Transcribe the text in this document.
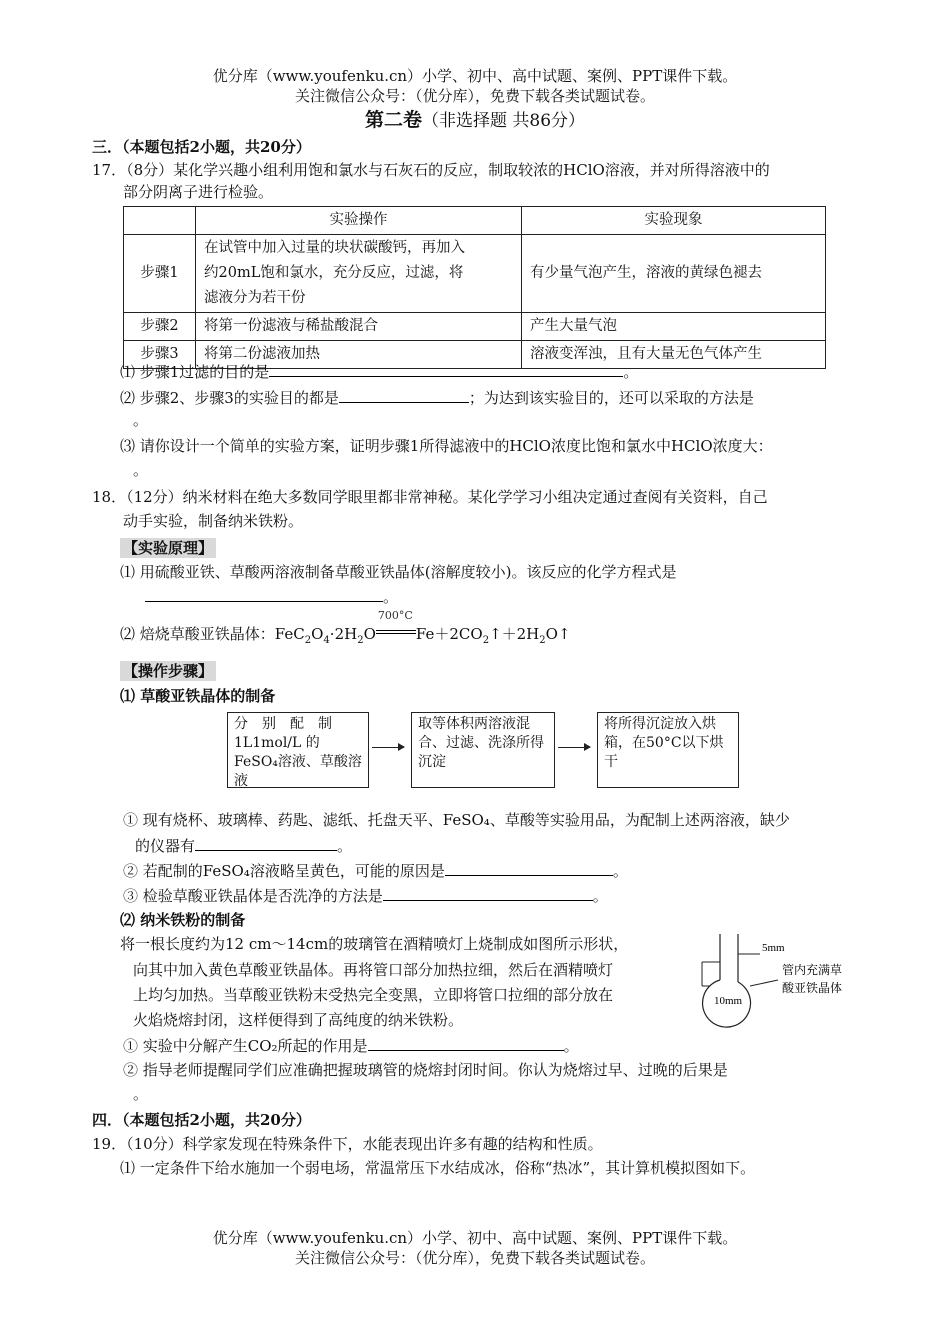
优分库（www.youfenku.cn）小学、初中、高中试题、案例、PPT课件下载。
关注微信公众号：（优分库），免费下载各类试题试卷。
第二卷（非选择题 共86分）
三．（本题包括2小题，共20分）
17．（8分）某化学兴趣小组利用饱和氯水与石灰石的反应，制取较浓的HClO溶液，并对所得溶液中的
部分阴离子进行检验。
	实验操作	实验现象
步骤1	在试管中加入过量的块状碳酸钙，再加入
约20mL饱和氯水，充分反应，过滤，将
滤液分为若干份	有少量气泡产生，溶液的黄绿色褪去
步骤2	将第一份滤液与稀盐酸混合	产生大量气泡
步骤3	将第二份滤液加热	溶液变浑浊，且有大量无色气体产生
⑴ 步骤1过滤的目的是	。
⑵ 步骤2、步骤3的实验目的都是	；为达到该实验目的，还可以采取的方法是
。
⑶ 请你设计一个简单的实验方案，证明步骤1所得滤液中的HClO浓度比饱和氯水中HClO浓度大：
。
18．（12分）纳米材料在绝大多数同学眼里都非常神秘。某化学学习小组决定通过查阅有关资料，自己
动手实验，制备纳米铁粉。
【实验原理】
⑴ 用硫酸亚铁、草酸两溶液制备草酸亚铁晶体(溶解度较小)。该反应的化学方程式是
。
⑵ 焙烧草酸亚铁晶体：$FeC_2O_4\cdot 2H_2O$
700°C
$Fe+2CO_2↑+2H_2O↑$
【操作步骤】
⑴ 草酸亚铁晶体的制备
分　别　配　制 1L1mol/L 的FeSO₄溶液、草酸溶液
取等体积两溶液混合、过滤、洗涤所得沉淀
将所得沉淀放入烘箱，在50°C以下烘干
① 现有烧杯、玻璃棒、药匙、滤纸、托盘天平、FeSO₄、草酸等实验用品，为配制上述两溶液，缺少
的仪器有	。
② 若配制的FeSO₄溶液略呈黄色，可能的原因是	。
③ 检验草酸亚铁晶体是否洗净的方法是	。
⑵ 纳米铁粉的制备
将一根长度约为12 cm～14cm的玻璃管在酒精喷灯上烧制成如图所示形状，
向其中加入黄色草酸亚铁晶体。再将管口部分加热拉细，然后在酒精喷灯
上均匀加热。当草酸亚铁粉末受热完全变黑，立即将管口拉细的部分放在
火焰烧熔封闭，这样便得到了高纯度的纳米铁粉。
5mm
10mm
管内充满草
酸亚铁晶体
① 实验中分解产生CO₂所起的作用是	。
② 指导老师提醒同学们应准确把握玻璃管的烧熔封闭时间。你认为烧熔过早、过晚的后果是
。
四．（本题包括2小题，共20分）
19．（10分）科学家发现在特殊条件下，水能表现出许多有趣的结构和性质。
⑴ 一定条件下给水施加一个弱电场，常温常压下水结成冰，俗称“热冰”，其计算机模拟图如下。
优分库（www.youfenku.cn）小学、初中、高中试题、案例、PPT课件下载。
关注微信公众号：（优分库），免费下载各类试题试卷。
